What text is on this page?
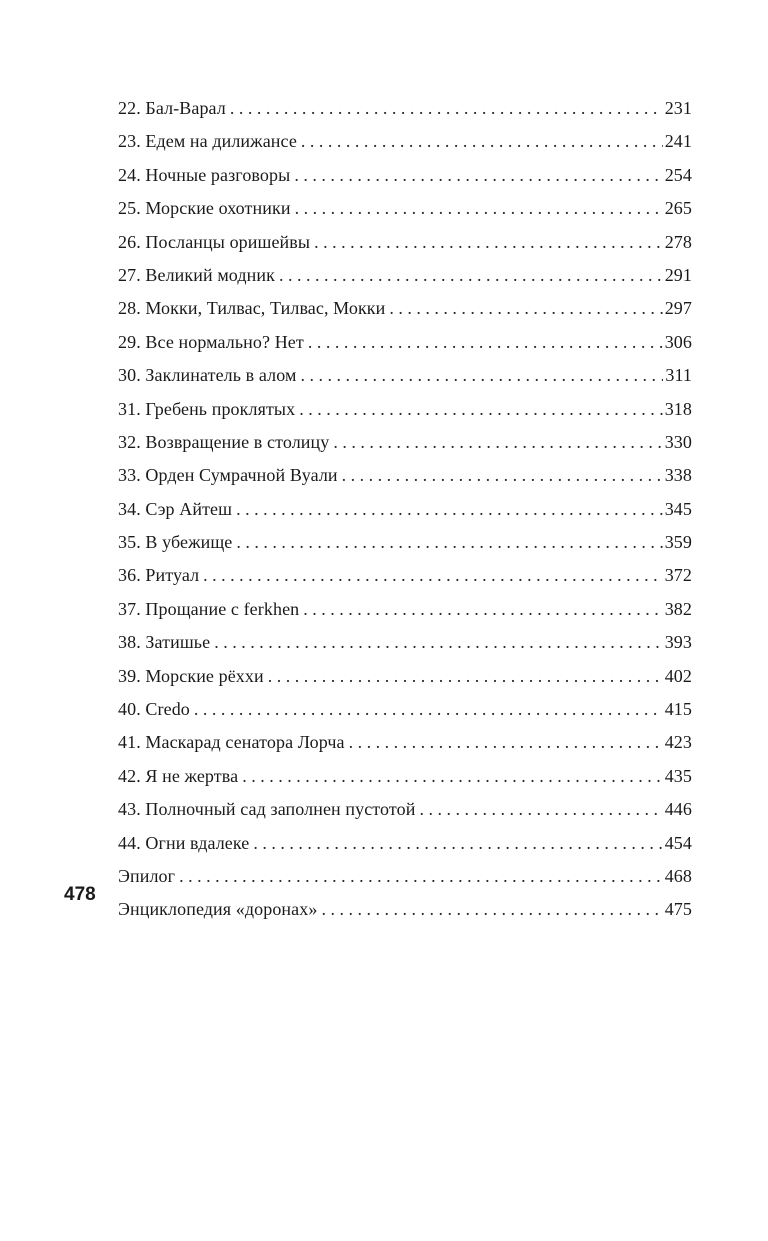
22. Бал-Варал . . .	231
23. Едем на дилижансе . . .	241
24. Ночные разговоры . . .	254
25. Морские охотники . . .	265
26. Посланцы оришейвы . . .	278
27. Великий модник . . .	291
28. Мокки, Тилвас, Тилвас, Мокки . . .	297
29. Все нормально? Нет . . .	306
30. Заклинатель в алом . . .	311
31. Гребень проклятых . . .	318
32. Возвращение в столицу . . .	330
33. Орден Сумрачной Вуали . . .	338
34. Сэр Айтеш . . .	345
35. В убежище . . .	359
36. Ритуал . . .	372
37. Прощание с ferkhen . . .	382
38. Затишье . . .	393
39. Морские рёххи . . .	402
40. Credo . . .	415
41. Маскарад сенатора Лорча . . .	423
42. Я не жертва . . .	435
43. Полночный сад заполнен пустотой . . .	446
44. Огни вдалеке . . .	454
Эпилог . . .	468
Энциклопедия «доронах» . . .	475
478
